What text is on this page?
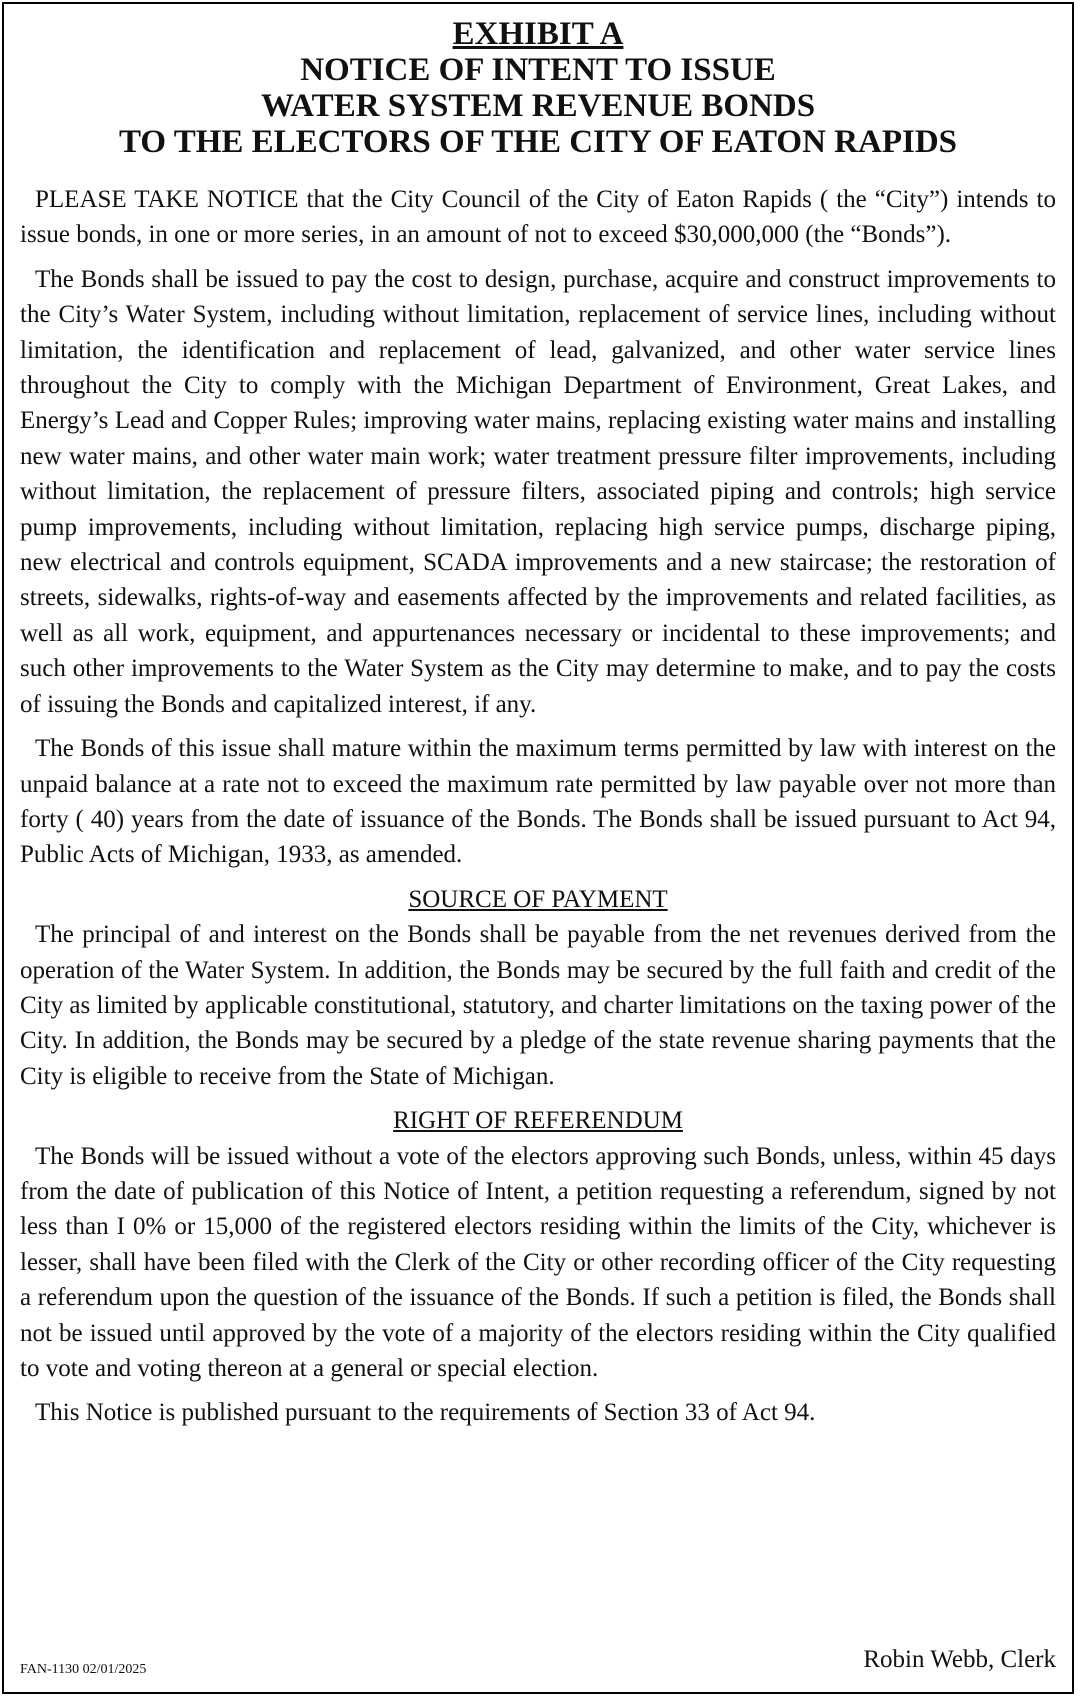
EXHIBIT A
NOTICE OF INTENT TO ISSUE
WATER SYSTEM REVENUE BONDS
TO THE ELECTORS OF THE CITY OF EATON RAPIDS

PLEASE TAKE NOTICE that the City Council of the City of Eaton Rapids ( the “City”) intends to issue bonds, in one or more series, in an amount of not to exceed $30,000,000 (the “Bonds”).

The Bonds shall be issued to pay the cost to design, purchase, acquire and construct improvements to the City’s Water System, including without limitation, replacement of service lines, including without limitation, the identification and replacement of lead, galvanized, and other water service lines throughout the City to comply with the Michigan Department of Environment, Great Lakes, and Energy’s Lead and Copper Rules; improving water mains, replacing existing water mains and installing new water mains, and other water main work; water treatment pressure filter improvements, including without limitation, the replacement of pressure filters, associated piping and controls; high service pump improvements, including without limitation, replacing high service pumps, discharge piping, new electrical and controls equipment, SCADA improvements and a new staircase; the restoration of streets, sidewalks, rights-of-way and easements affected by the improvements and related facilities, as well as all work, equipment, and appurtenances necessary or incidental to these improvements; and such other improvements to the Water System as the City may determine to make, and to pay the costs of issuing the Bonds and capitalized interest, if any.

The Bonds of this issue shall mature within the maximum terms permitted by law with interest on the unpaid balance at a rate not to exceed the maximum rate permitted by law payable over not more than forty ( 40) years from the date of issuance of the Bonds. The Bonds shall be issued pursuant to Act 94, Public Acts of Michigan, 1933, as amended.

SOURCE OF PAYMENT

The principal of and interest on the Bonds shall be payable from the net revenues derived from the operation of the Water System. In addition, the Bonds may be secured by the full faith and credit of the City as limited by applicable constitutional, statutory, and charter limitations on the taxing power of the City. In addition, the Bonds may be secured by a pledge of the state revenue sharing payments that the City is eligible to receive from the State of Michigan.

RIGHT OF REFERENDUM

The Bonds will be issued without a vote of the electors approving such Bonds, unless, within 45 days from the date of publication of this Notice of Intent, a petition requesting a referendum, signed by not less than I 0% or 15,000 of the registered electors residing within the limits of the City, whichever is lesser, shall have been filed with the Clerk of the City or other recording officer of the City requesting a referendum upon the question of the issuance of the Bonds. If such a petition is filed, the Bonds shall not be issued until approved by the vote of a majority of the electors residing within the City qualified to vote and voting thereon at a general or special election.

This Notice is published pursuant to the requirements of Section 33 of Act 94.

FAN-1130 02/01/2025	Robin Webb, Clerk
